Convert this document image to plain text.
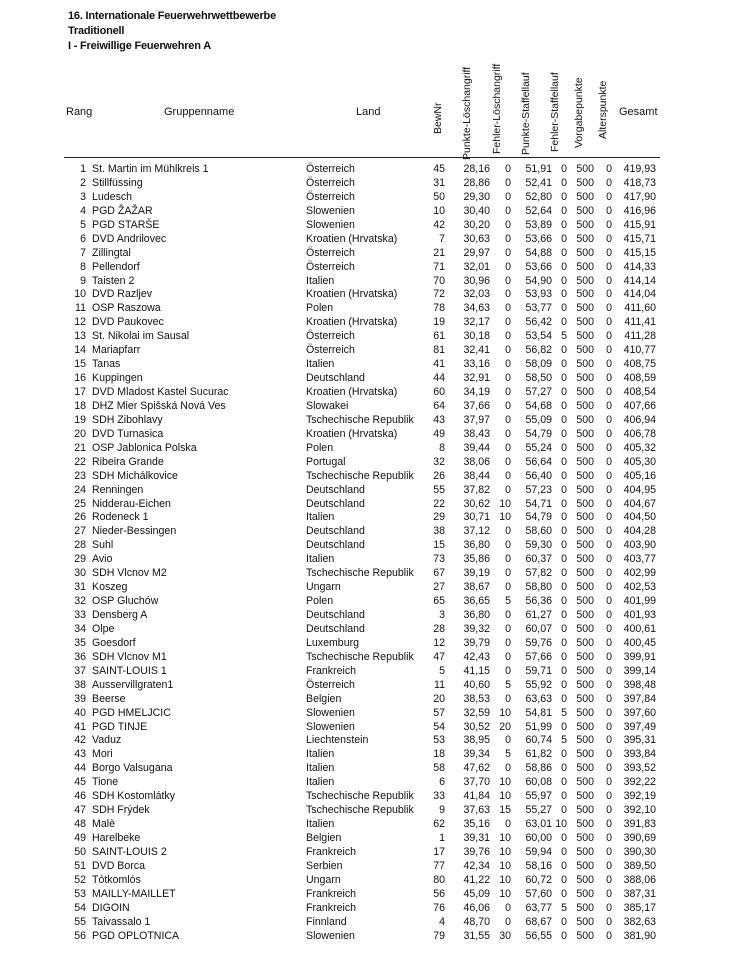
16. Internationale Feuerwehrwettbewerbe
Traditionell
I - Freiwillige Feuerwehren A
Rang	Gruppenname	Land	BewNr Punkte-Löschangriff Fehler-Löschangriff Punkte-Staffellauf Fehler-Staffellauf Vorgabepunkte Alterspunkte Gesamt
1 St. Martin im Mühlkreis 1	Österreich	45	28,16	0	51,91 0 500	0	419,93
2 Stillfüssing	Österreich	31	28,86	0	52,41 0 500	0	418,73
3 Ludesch	Österreich	50	29,30	0	52,80 0 500	0	417,90
4 PGD ŽAŽAR	Slowenien	10	30,40	0	52,64 0 500	0	416,96
5 PGD STARŠE	Slowenien	42	30,20	0	53,89 0 500	0	415,91
6 DVD Andrilovec	Kroatien (Hrvatska)	7	30,63	0	53,66 0 500	0	415,71
7 Zillingtal	Österreich	21	29,97	0	54,88 0 500	0	415,15
8 Pellendorf	Österreich	71	32,01	0	53,66 0 500	0	414,33
9 Taisten 2	Italien	70	30,96	0	54,90 0 500	0	414,14
10 DVD Razljev	Kroatien (Hrvatska)	72	32,03	0	53,93 0 500	0	414,04
11 OSP Raszowa	Polen	78	34,63	0	53,77 0 500	0	411,60
12 DVD Paukovec	Kroatien (Hrvatska)	19	32,17	0	56,42 0 500	0	411,41
13 St. Nikolai im Sausal	Österreich	61	30,18	0	53,54 5 500	0	411,28
14 Mariapfarr	Österreich	81	32,41	0	56,82 0 500	0	410,77
15 Tanas	Italien	41	33,16	0	58,09 0 500	0	408,75
16 Kuppingen	Deutschland	44	32,91	0	58,50 0 500	0	408,59
17 DVD Mladost Kastel Sucurac	Kroatien (Hrvatska)	60	34,19	0	57,27 0 500	0	408,54
18 DHZ Mier Spišská Nová Ves	Slowakei	64	37,66	0	54,68 0 500	0	407,66
19 SDH Zibohlavy	Tschechische Republik	43	37,97	0	55,09 0 500	0	406,94
20 DVD Turnasica	Kroatien (Hrvatska)	49	38,43	0	54,79 0 500	0	406,78
21 OSP Jablonica Polska	Polen	8	39,44	0	55,24 0 500	0	405,32
22 Ribeira Grande	Portugal	32	38,06	0	56,64 0 500	0	405,30
23 SDH Michálkovice	Tschechische Republik	26	38,44	0	56,40 0 500	0	405,16
24 Renningen	Deutschland	55	37,82	0	57,23 0 500	0	404,95
25 Nidderau-Eichen	Deutschland	22	30,62 10	54,71 0 500	0	404,67
26 Rodeneck 1	Italien	29	30,71 10	54,79 0 500	0	404,50
27 Nieder-Bessingen	Deutschland	38	37,12	0	58,60 0 500	0	404,28
28 Suhl	Deutschland	15	36,80	0	59,30 0 500	0	403,90
29 Avio	Italien	73	35,86	0	60,37 0 500	0	403,77
30 SDH Vlcnov M2	Tschechische Republik	67	39,19	0	57,82 0 500	0	402,99
31 Koszeg	Ungarn	27	38,67	0	58,80 0 500	0	402,53
32 OSP Gluchów	Polen	65	36,65	5	56,36 0 500	0	401,99
33 Densberg A	Deutschland	3	36,80	0	61,27 0 500	0	401,93
34 Olpe	Deutschland	28	39,32	0	60,07 0 500	0	400,61
35 Goesdorf	Luxemburg	12	39,79	0	59,76 0 500	0	400,45
36 SDH Vlcnov M1	Tschechische Republik	47	42,43	0	57,66 0 500	0	399,91
37 SAINT-LOUIS 1	Frankreich	5	41,15	0	59,71 0 500	0	399,14
38 Ausservillgraten1	Österreich	11	40,60	5	55,92 0 500	0	398,48
39 Beerse	Belgien	20	38,53	0	63,63 0 500	0	397,84
40 PGD HMELJCIC	Slowenien	57	32,59 10	54,81 5 500	0	397,60
41 PGD TINJE	Slowenien	54	30,52 20	51,99 0 500	0	397,49
42 Vaduz	Liechtenstein	53	38,95	0	60,74 5 500	0	395,31
43 Mori	Italien	18	39,34	5	61,82 0 500	0	393,84
44 Borgo Valsugana	Italien	58	47,62	0	58,86 0 500	0	393,52
45 Tione	Italien	6	37,70 10	60,08 0 500	0	392,22
46 SDH Kostomlátky	Tschechische Republik	33	41,84 10	55,97 0 500	0	392,19
47 SDH Frýdek	Tschechische Republik	9	37,63 15	55,27 0 500	0	392,10
48 Malè	Italien	62	35,16	0	63,01 10 500	0	391,83
49 Harelbeke	Belgien	1	39,31 10	60,00 0 500	0	390,69
50 SAINT-LOUIS 2	Frankreich	17	39,76 10	59,94 0 500	0	390,30
51 DVD Borca	Serbien	77	42,34 10	58,16 0 500	0	389,50
52 Tótkomlós	Ungarn	80	41,22 10	60,72 0 500	0	388,06
53 MAILLY-MAILLET	Frankreich	56	45,09 10	57,60 0 500	0	387,31
54 DIGOIN	Frankreich	76	46,06	0	63,77 5 500	0	385,17
55 Taivassalo 1	Finnland	4	48,70	0	68,67 0 500	0	382,63
56 PGD OPLOTNICA	Slowenien	79	31,55 30	56,55 0 500	0	381,90
